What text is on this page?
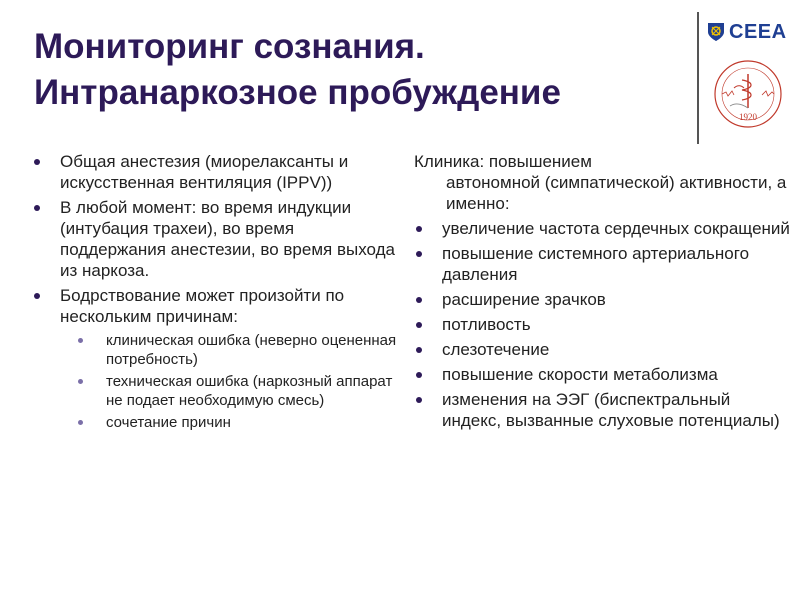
Мониторинг сознания.
Интранаркозное пробуждение
CEEA
1920
Общая анестезия (миорелаксанты и искусственная вентиляция (IPPV))
В любой момент: во время индукции (интубация трахеи), во время поддержания анестезии, во время выхода из наркоза.
Бодрствование может произойти по нескольким причинам:
клиническая ошибка (неверно оцененная потребность)
техническая ошибка (наркозный аппарат не подает необходимую смесь)
сочетание причин
Клиника: повышением
автономной (симпатической) активности, а именно:
увеличение частота сердечных сокращений
повышение системного артериального давления
расширение зрачков
потливость
слезотечение
повышение скорости метаболизма
изменения на ЭЭГ (биспектральный индекс, вызванные слуховые потенциалы)
